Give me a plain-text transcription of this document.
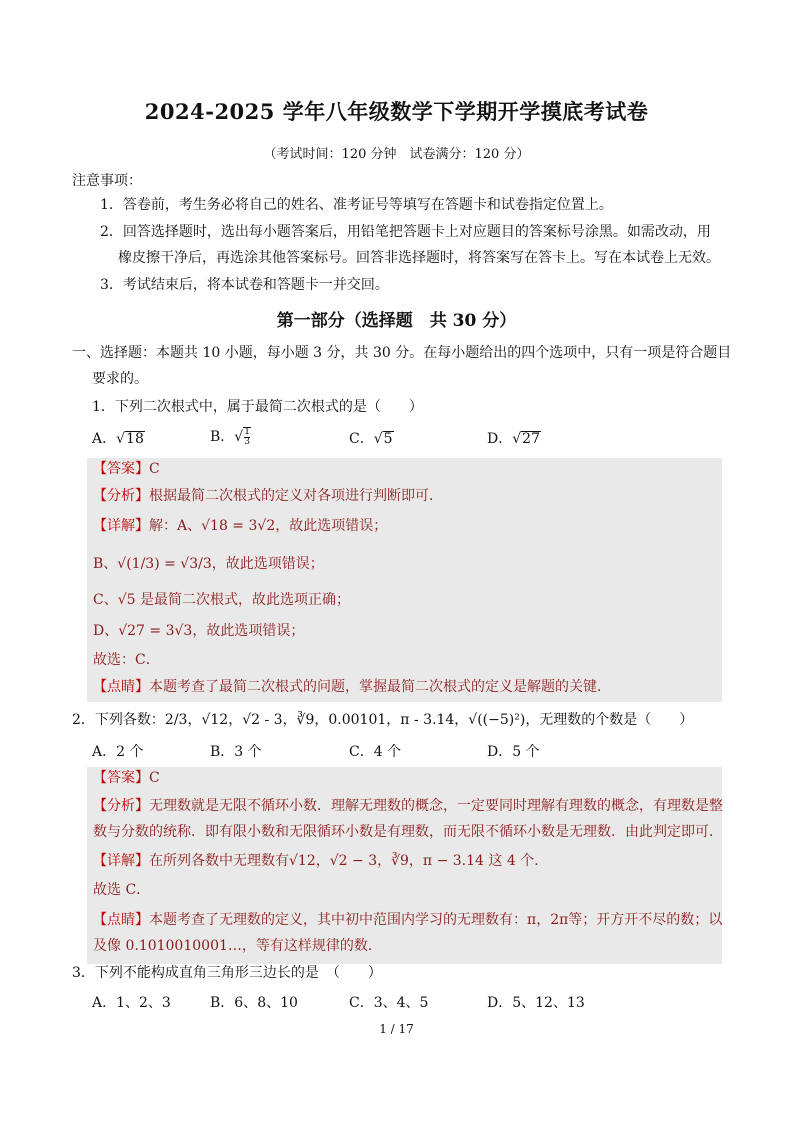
2024-2025 学年八年级数学下学期开学摸底考试卷
（考试时间：120 分钟　试卷满分：120 分）
注意事项：
1．答卷前，考生务必将自己的姓名、准考证号等填写在答题卡和试卷指定位置上。
2．回答选择题时，选出每小题答案后，用铅笔把答题卡上对应题目的答案标号涂黑。如需改动，用
橡皮擦干净后，再选涂其他答案标号。回答非选择题时，将答案写在答卡上。写在本试卷上无效。
3．考试结束后，将本试卷和答题卡一并交回。
第一部分（选择题　共 30 分）
一、选择题：本题共 10 小题，每小题 3 分，共 30 分。在每小题给出的四个选项中，只有一项是符合题目
要求的。
1．下列二次根式中，属于最简二次根式的是（　　）
A．√18	B．√ $\frac{1}{3}$	C．√5	D．√27
【答案】C
【分析】根据最简二次根式的定义对各项进行判断即可．
【详解】解：A、√18 = 3√2，故此选项错误；
B、√(1/3) = √3/3，故此选项错误；
C、√5 是最简二次根式，故此选项正确；
D、√27 = 3√3，故此选项错误；
故选：C．
【点睛】本题考查了最简二次根式的问题，掌握最简二次根式的定义是解题的关键．
2．下列各数：2/3，√12，√2 - 3，∛9，0.00101，π - 3.14，√((−5)²)，无理数的个数是（　　）
A．2 个	B．3 个	C．4 个	D．5 个
【答案】C
【分析】无理数就是无限不循环小数．理解无理数的概念，一定要同时理解有理数的概念，有理数是整
数与分数的统称．即有限小数和无限循环小数是有理数，而无限不循环小数是无理数．由此判定即可．
【详解】在所列各数中无理数有√12，√2 − 3，∛9，π − 3.14 这 4 个．
故选 C．
【点睛】本题考查了无理数的定义，其中初中范围内学习的无理数有：π，2π等；开方开不尽的数；以
及像 0.1010010001…，等有这样规律的数．
3．下列不能构成直角三角形三边长的是　（　　）
A．1、2、3	B．6、8、10	C．3、4、5	D．5、12、13
1 / 17
